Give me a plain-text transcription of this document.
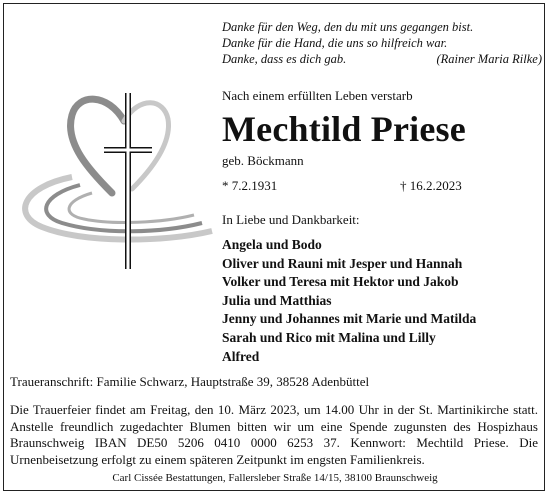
Danke für den Weg, den du mit uns gegangen bist.
Danke für die Hand, die uns so hilfreich war.
Danke, dass es dich gab.	(Rainer Maria Rilke)
Nach einem erfüllten Leben verstarb
Mechtild Priese
geb. Böckmann
* 7.2.1931	† 16.2.2023
In Liebe und Dankbarkeit:
Angela und Bodo
Oliver und Rauni mit Jesper und Hannah
Volker und Teresa mit Hektor und Jakob
Julia und Matthias
Jenny und Johannes mit Marie und Matilda
Sarah und Rico mit Malina und Lilly
Alfred
Traueranschrift: Familie Schwarz, Hauptstraße 39, 38528 Adenbüttel
Die Trauerfeier findet am Freitag, den 10. März 2023, um 14.00 Uhr in der St. Martinikirche statt. Anstelle freundlich zugedachter Blumen bitten wir um eine Spende zugunsten des Hospizhaus Braunschweig IBAN DE50 5206 0410 0000 6253 37. Kennwort: Mechtild Priese. Die Urnenbeisetzung erfolgt zu einem späteren Zeitpunkt im engsten Familienkreis.
Carl Cissée Bestattungen, Fallersleber Straße 14/15, 38100 Braunschweig
